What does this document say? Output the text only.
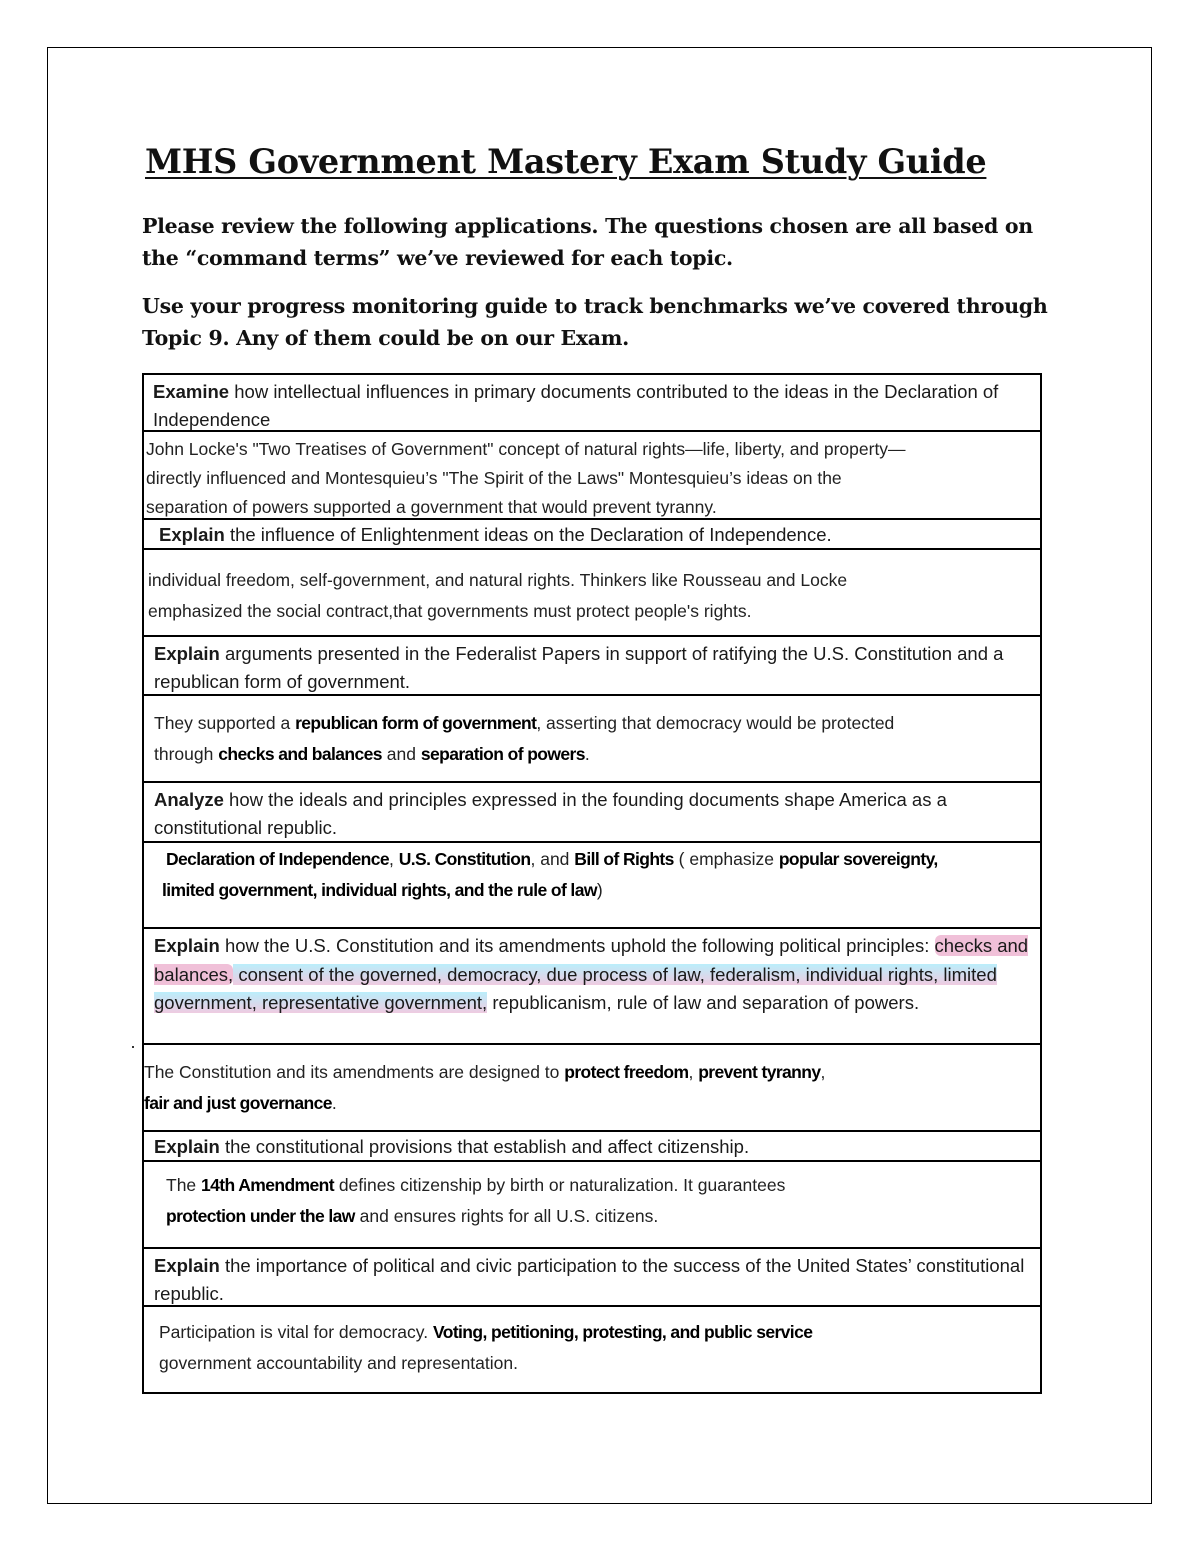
MHS Government Mastery Exam Study Guide

Please review the following applications. The questions chosen are all based on the “command terms” we’ve reviewed for each topic.

Use your progress monitoring guide to track benchmarks we’ve covered through Topic 9. Any of them could be on our Exam.

Examine how intellectual influences in primary documents contributed to the ideas in the Declaration of Independence
John Locke's "Two Treatises of Government" concept of natural rights—life, liberty, and property—
directly influenced and Montesquieu’s "The Spirit of the Laws" Montesquieu’s ideas on the
separation of powers supported a government that would prevent tyranny.
Explain the influence of Enlightenment ideas on the Declaration of Independence.
individual freedom, self-government, and natural rights. Thinkers like Rousseau and Locke
emphasized the social contract,that governments must protect people's rights.
Explain arguments presented in the Federalist Papers in support of ratifying the U.S. Constitution and a republican form of government.
They supported a republican form of government, asserting that democracy would be protected
through checks and balances and separation of powers.
Analyze how the ideals and principles expressed in the founding documents shape America as a constitutional republic.
Declaration of Independence, U.S. Constitution, and Bill of Rights ( emphasize popular sovereignty,
limited government, individual rights, and the rule of law)
Explain how the U.S. Constitution and its amendments uphold the following political principles: checks and balances, consent of the governed, democracy, due process of law, federalism, individual rights, limited government, representative government, republicanism, rule of law and separation of powers.
The Constitution and its amendments are designed to protect freedom, prevent tyranny,
fair and just governance.
Explain the constitutional provisions that establish and affect citizenship.
The 14th Amendment defines citizenship by birth or naturalization. It guarantees
protection under the law and ensures rights for all U.S. citizens.
Explain the importance of political and civic participation to the success of the United States’ constitutional republic.
Participation is vital for democracy. Voting, petitioning, protesting, and public service
government accountability and representation.
